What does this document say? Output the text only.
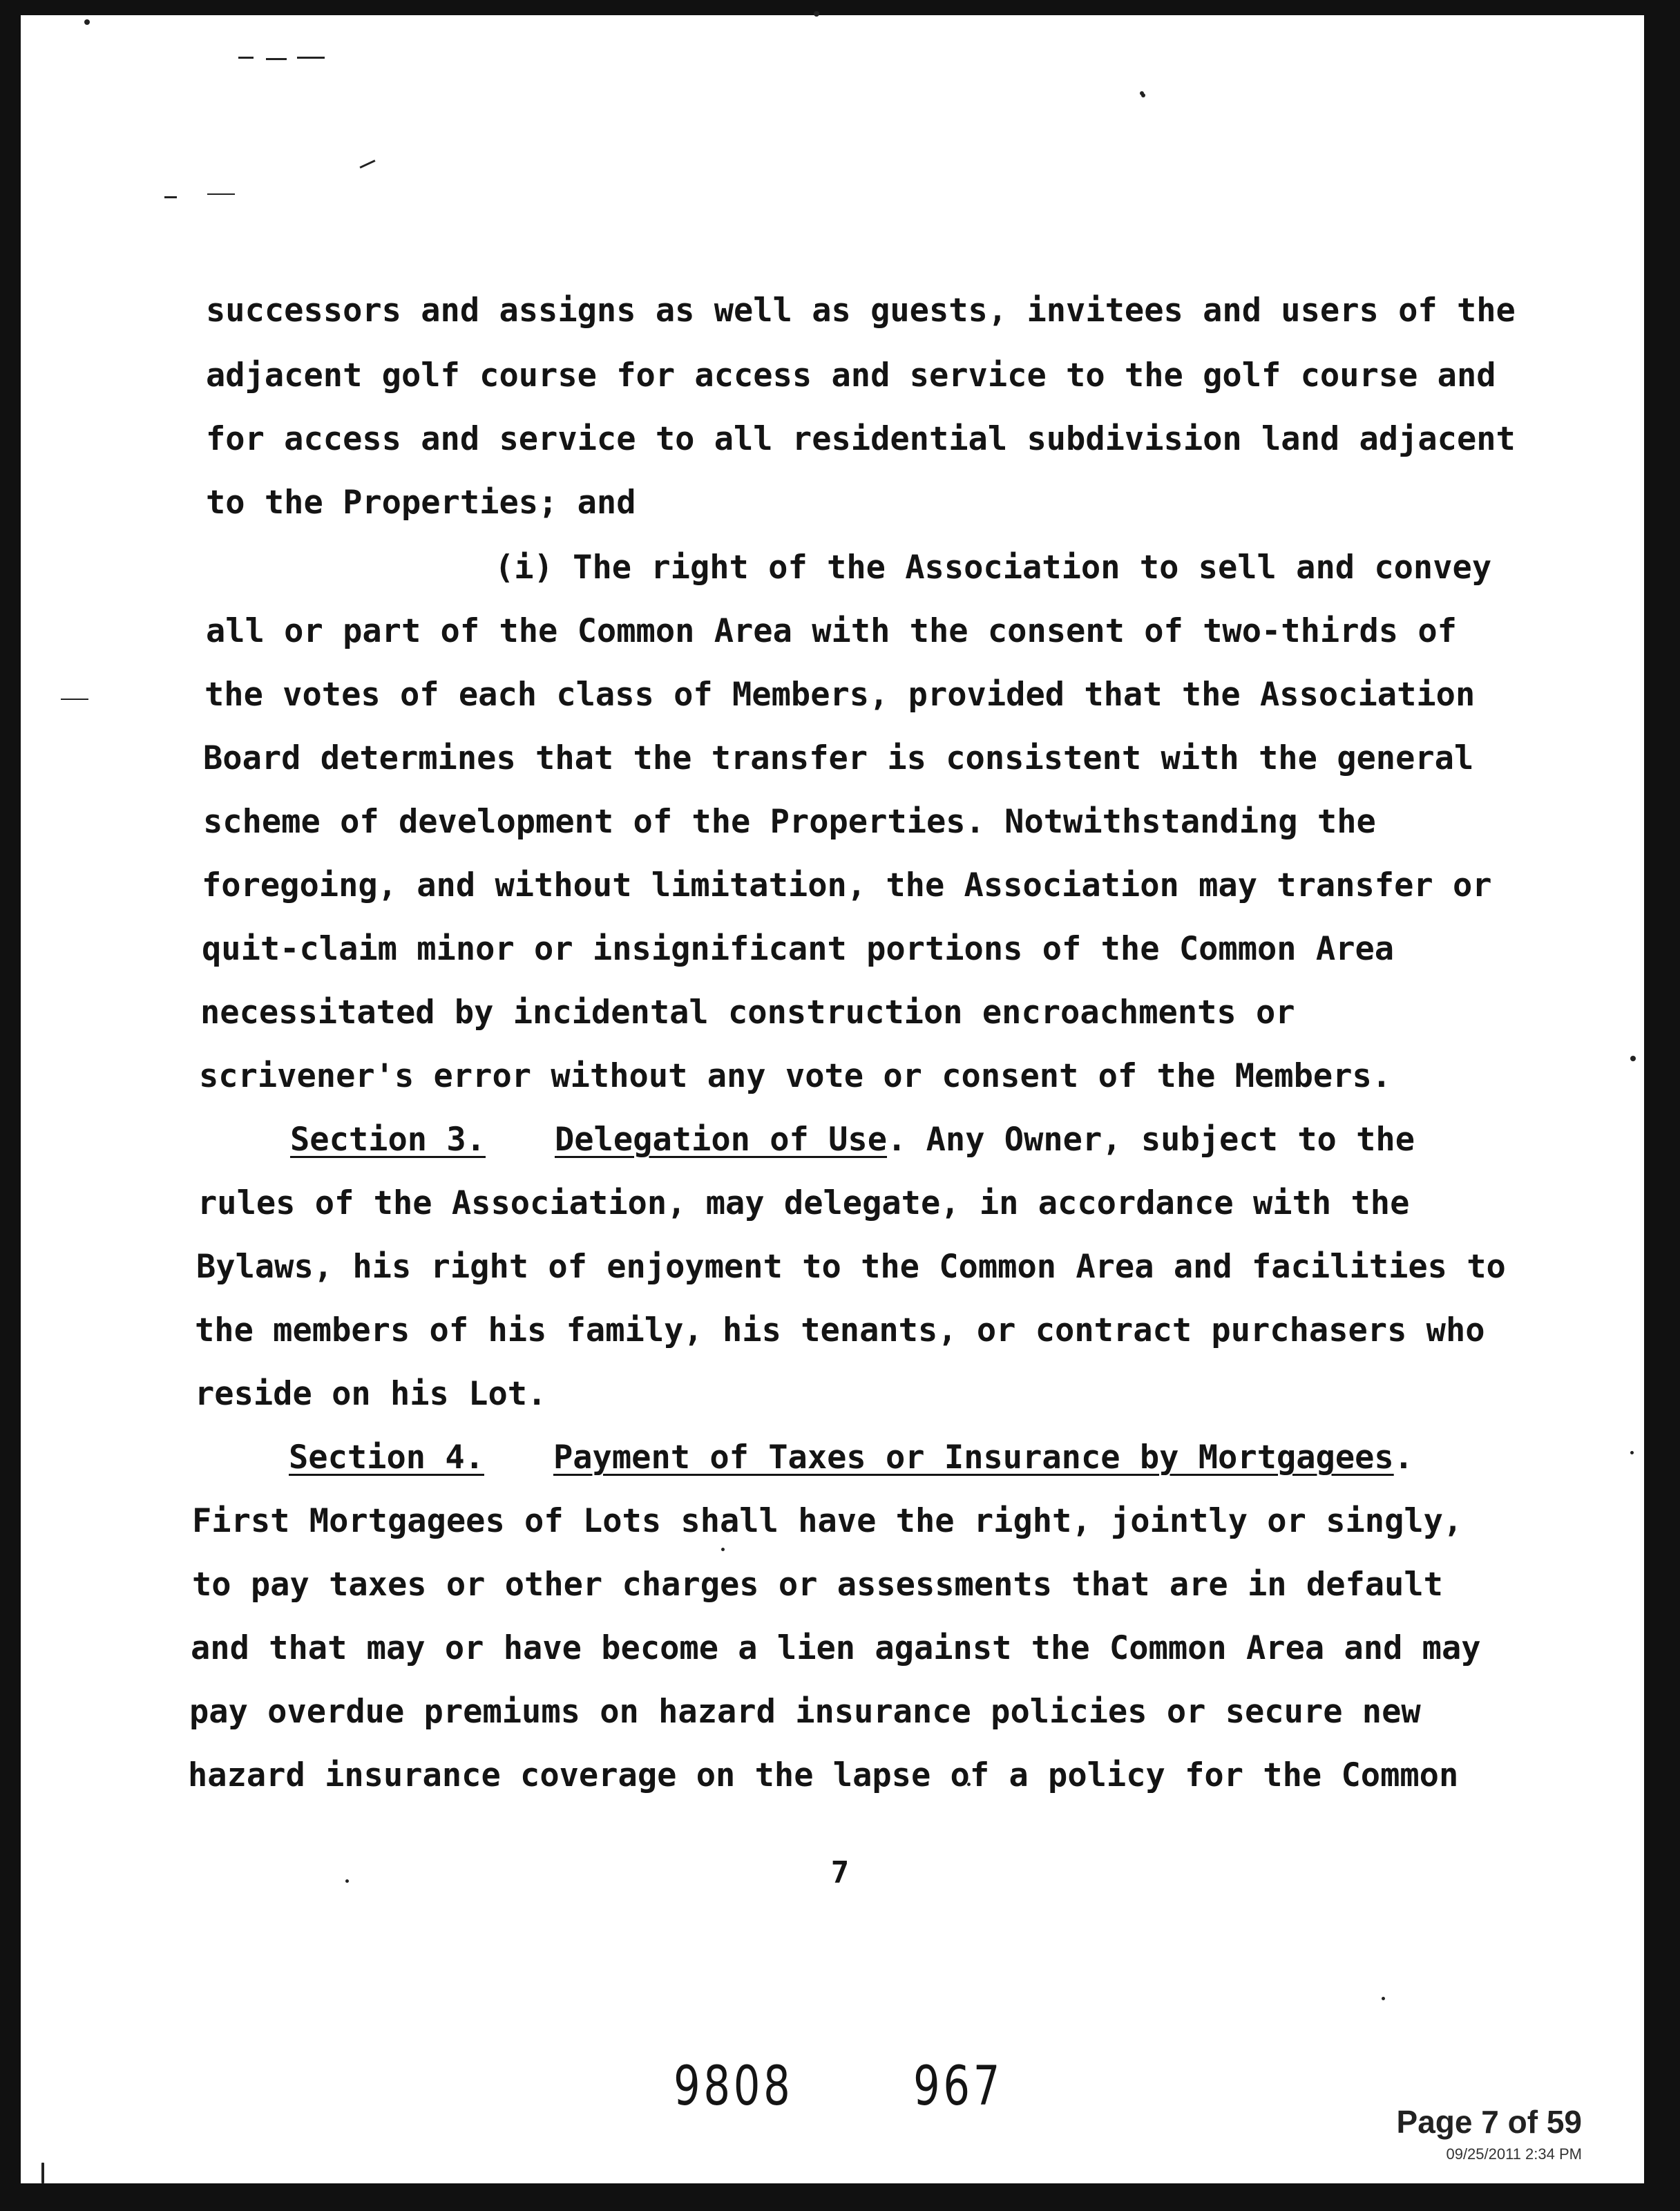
successors and assigns as well as guests, invitees and users of the
adjacent golf course for access and service to the golf course and
for access and service to all residential subdivision land adjacent
to the Properties; and
(i) The right of the Association to sell and convey
all or part of the Common Area with the consent of two-thirds of
the votes of each class of Members, provided that the Association
Board determines that the transfer is consistent with the general
scheme of development of the Properties. Notwithstanding the
foregoing, and without limitation, the Association may transfer or
quit-claim minor or insignificant portions of the Common Area
necessitated by incidental construction encroachments or
scrivener's error without any vote or consent of the Members.
Section 3. Delegation of Use. Any Owner, subject to the
rules of the Association, may delegate, in accordance with the
Bylaws, his right of enjoyment to the Common Area and facilities to
the members of his family, his tenants, or contract purchasers who
reside on his Lot.
Section 4. Payment of Taxes or Insurance by Mortgagees.
First Mortgagees of Lots shall have the right, jointly or singly,
to pay taxes or other charges or assessments that are in default
and that may or have become a lien against the Common Area and may
pay overdue premiums on hazard insurance policies or secure new
hazard insurance coverage on the lapse of a policy for the Common
7
9808 967
Page 7 of 59
09/25/2011 2:34 PM
